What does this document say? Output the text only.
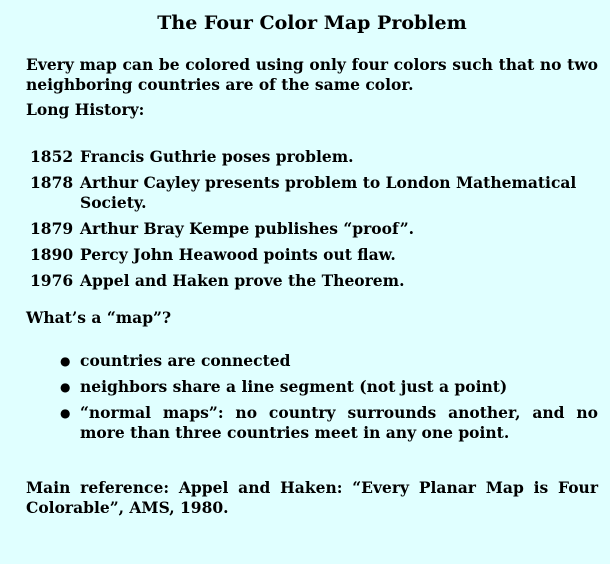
The Four Color Map Problem

Every map can be colored using only four colors such that no two neighboring countries are of the same color.

Long History:

1852 Francis Guthrie poses problem.
1878 Arthur Cayley presents problem to London Mathematical Society.
1879 Arthur Bray Kempe publishes “proof”.
1890 Percy John Heawood points out flaw.
1976 Appel and Haken prove the Theorem.

What’s a “map”?

● countries are connected
● neighbors share a line segment (not just a point)
● “normal maps”: no country surrounds another, and no more than three countries meet in any one point.

Main reference: Appel and Haken: “Every Planar Map is Four Colorable”, AMS, 1980.
